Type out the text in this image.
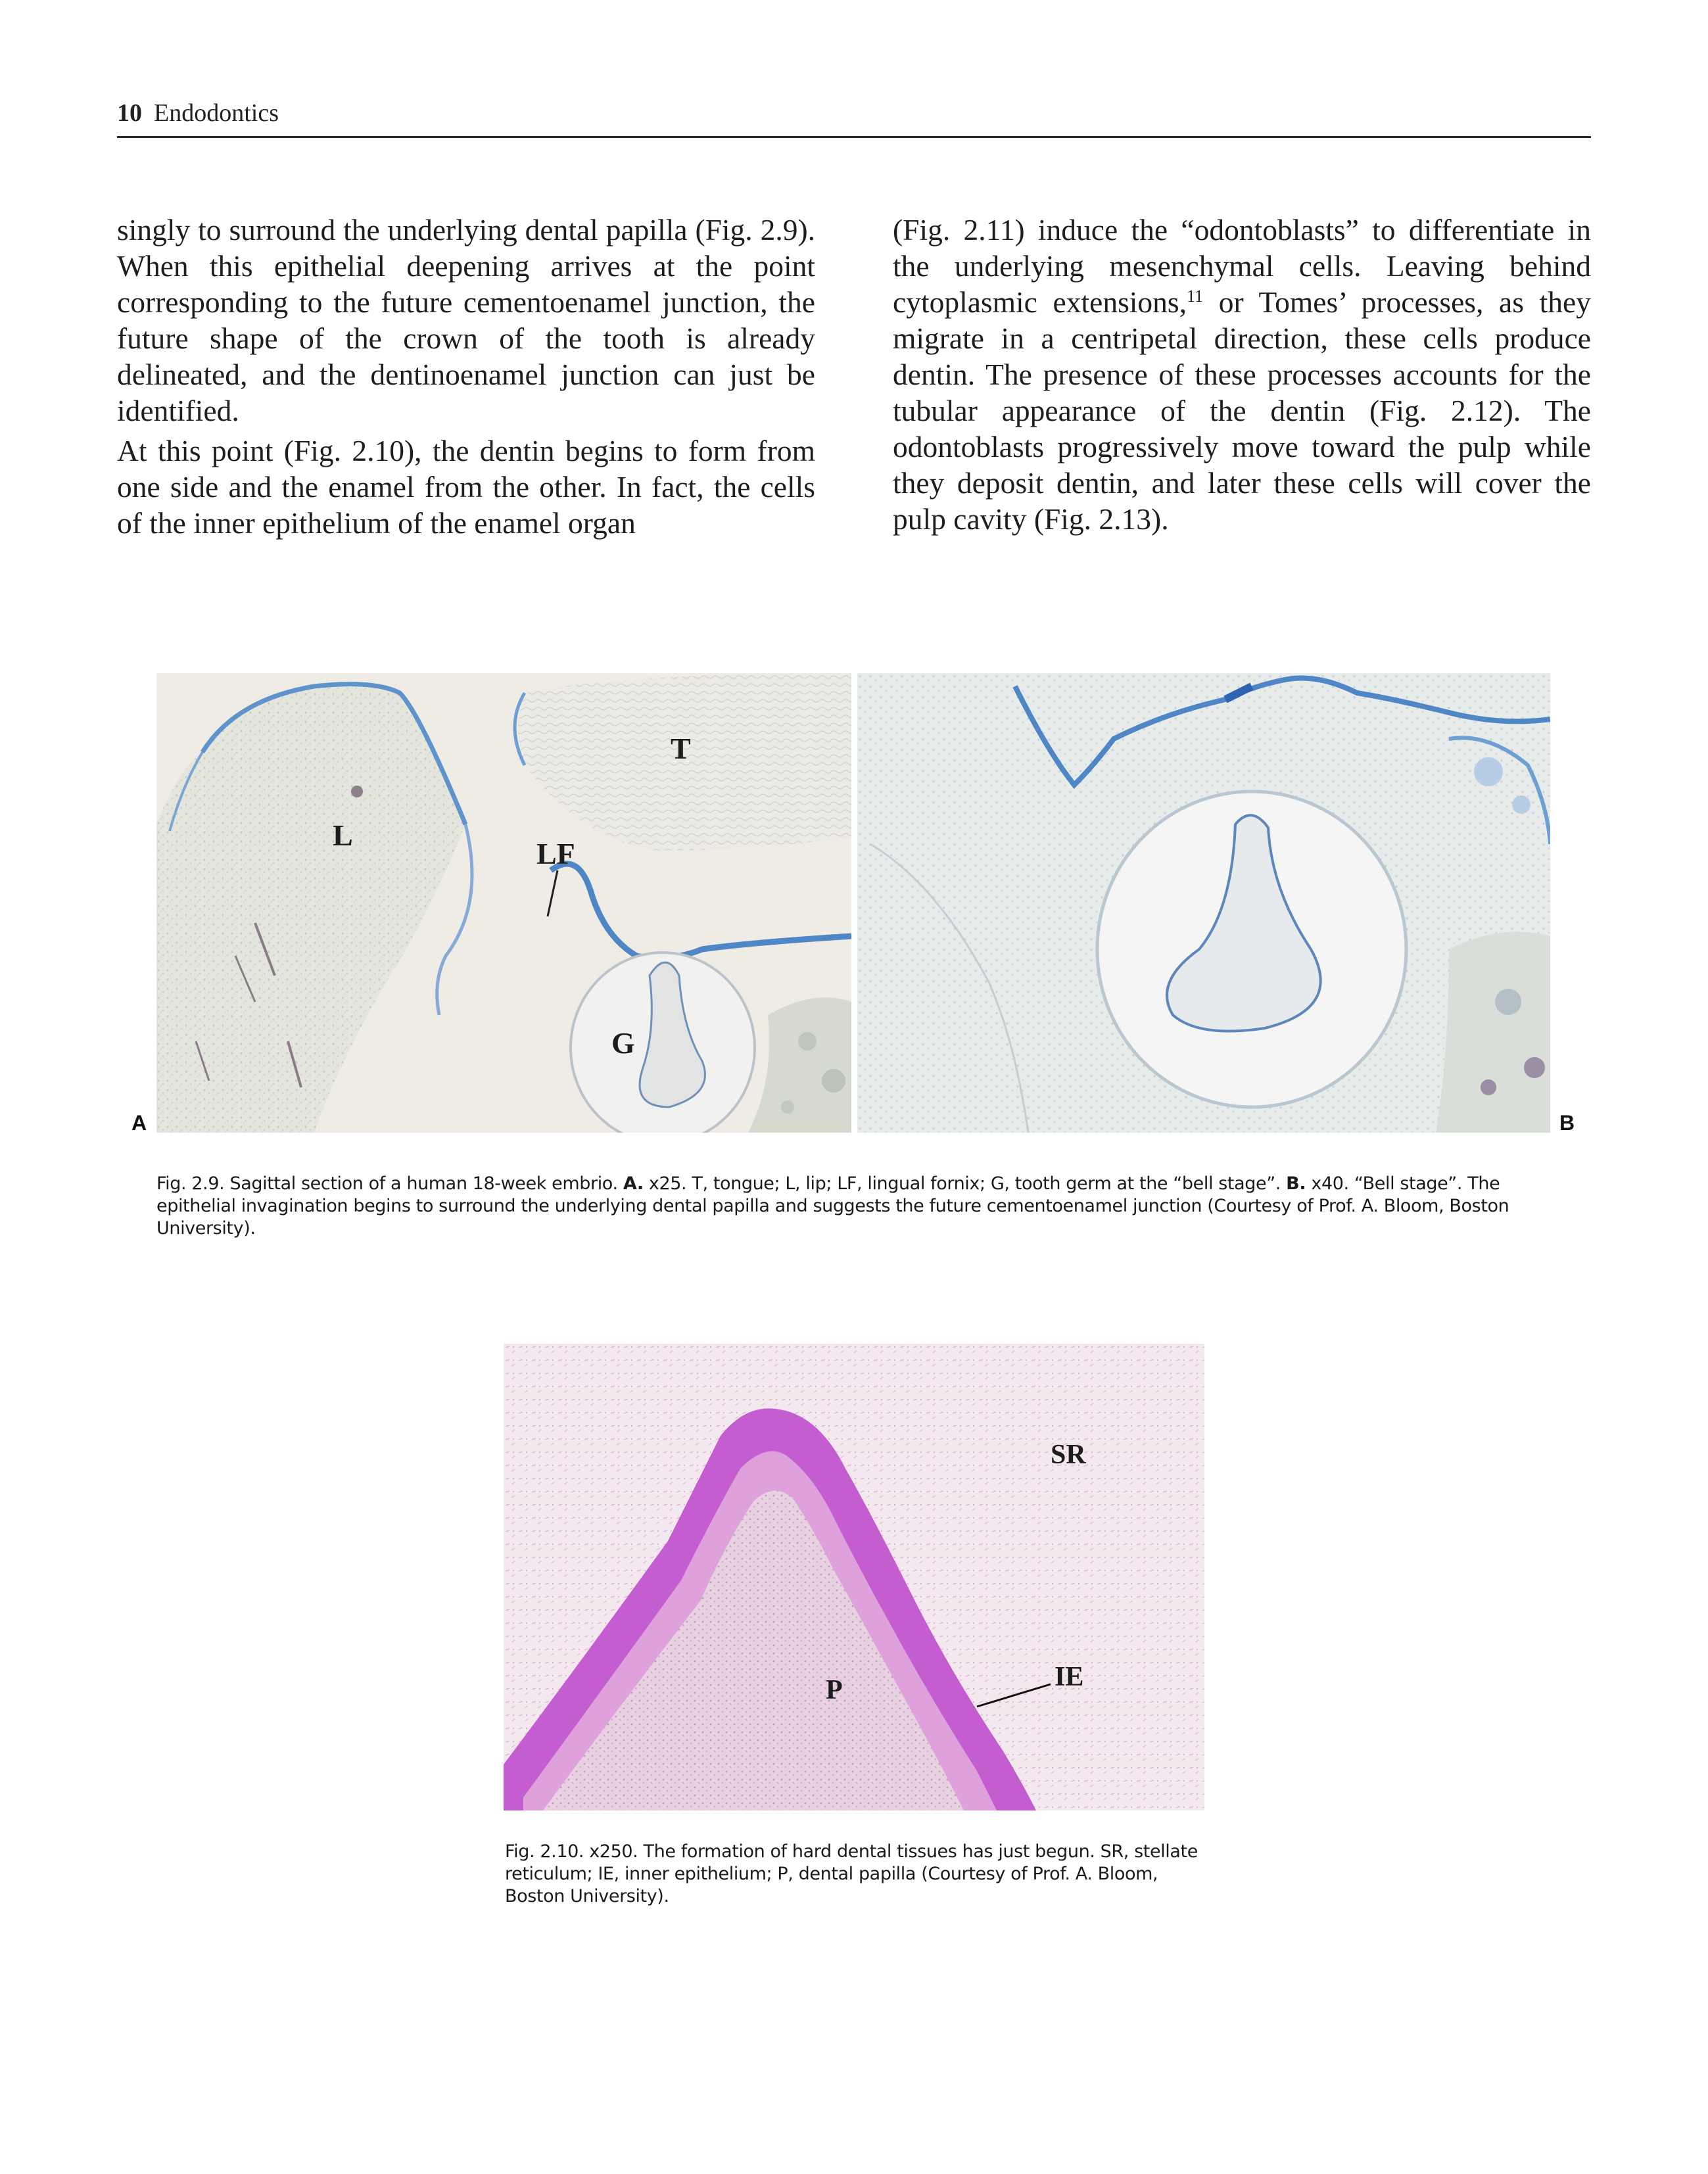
10 Endodontics

singly to surround the underlying dental papilla (Fig. 2.9). When this epithelial deepening arrives at the point corresponding to the future cementoenamel junction, the future shape of the crown of the tooth is already delineated, and the dentinoenamel junction can just be identified.

At this point (Fig. 2.10), the dentin begins to form from one side and the enamel from the other. In fact, the cells of the inner epithelium of the enamel organ

(Fig. 2.11) induce the “odontoblasts” to differentiate in the underlying mesenchymal cells. Leaving behind cytoplasmic extensions,$^{11}$ or Tomes’ processes, as they migrate in a centripetal direction, these cells produce dentin. The presence of these processes accounts for the tubular appearance of the dentin (Fig. 2.12). The odontoblasts progressively move toward the pulp while they deposit dentin, and later these cells will cover the pulp cavity (Fig. 2.13).

L
LF
T
G
A	B
Fig. 2.9. Sagittal section of a human 18-week embrio. A. x25. T, tongue; L, lip; LF, lingual fornix; G, tooth germ at the “bell stage”. B. x40. “Bell stage”. The epithelial invagination begins to surround the underlying dental papilla and suggests the future cementoenamel junction (Courtesy of Prof. A. Bloom, Boston University).
SR
IE
P
Fig. 2.10. x250. The formation of hard dental tissues has just begun. SR, stellate reticulum; IE, inner epithelium; P, dental papilla (Courtesy of Prof. A. Bloom, Boston University).
